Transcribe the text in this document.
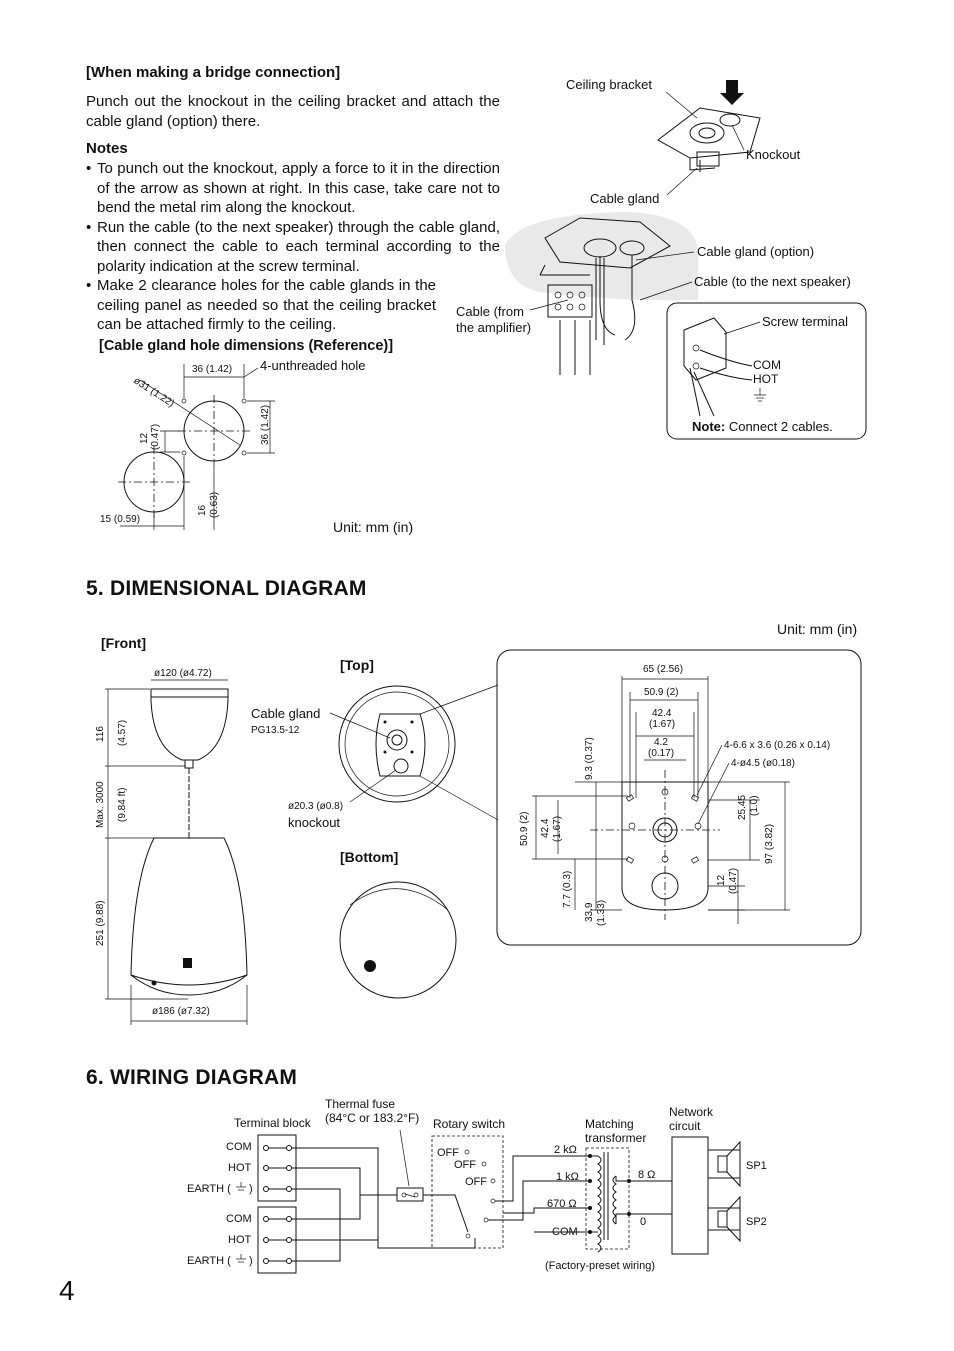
[When making a bridge connection]
Punch out the knockout in the ceiling bracket and attach the cable gland (option) there.
Notes
• To punch out the knockout, apply a force to it in the direction of the arrow as shown at right. In this case, take care not to bend the metal rim along the knockout.
• Run the cable (to the next speaker) through the cable gland, then connect the cable to each terminal according to the polarity indication at the screw terminal.
• Make 2 clearance holes for the cable glands in the ceiling panel as needed so that the ceiling bracket can be attached firmly to the ceiling.
[Cable gland hole dimensions (Reference)]
5. DIMENSIONAL DIAGRAM
6. WIRING DIAGRAM
4
36 (1.42) 4-unthreaded hole
36 (1.42)
ø31 (1.22)
12 (0.47)
16 (0.63)
15 (0.59)	Unit: mm (in)
Ceiling bracket
Knockout
Cable gland
Cable gland (option)
Cable (to the next speaker)
Cable (from
the amplifier)	Screw terminal
COM
HOT
Note: Connect 2 cables.
Unit: mm (in)
[Front]
[Top]
[Bottom]
ø120 (ø4.72)
116 (4.57)
Max. 3000 (9.84 ft)
251 (9.88)
ø186 (ø7.32)
Cable gland
PG13.5-12
ø20.3 (ø0.8)
knockout
65 (2.56)
50.9 (2)
42.4
(1.67)
4.2
(0.17)
4-6.6 x 3.6 (0.26 x 0.14)
4-ø4.5 (ø0.18)
9.3 (0.37)
50.9 (2) 42.4 (1.67)
7.7 (0.3)
33.9 (1.33)
25.45 (1.0)
12 (0.47)
97 (3.82)
Terminal block
Thermal fuse
(84°C or 183.2°F) Rotary switch	Matching
transformer
Network
circuit
COM
HOT
EARTH ( )
COM
HOT
EARTH ( )
OFF
OFF
OFF
2 kΩ
1 kΩ
670 Ω
COM
8 Ω
0
(Factory-preset wiring)
SP1
SP2
